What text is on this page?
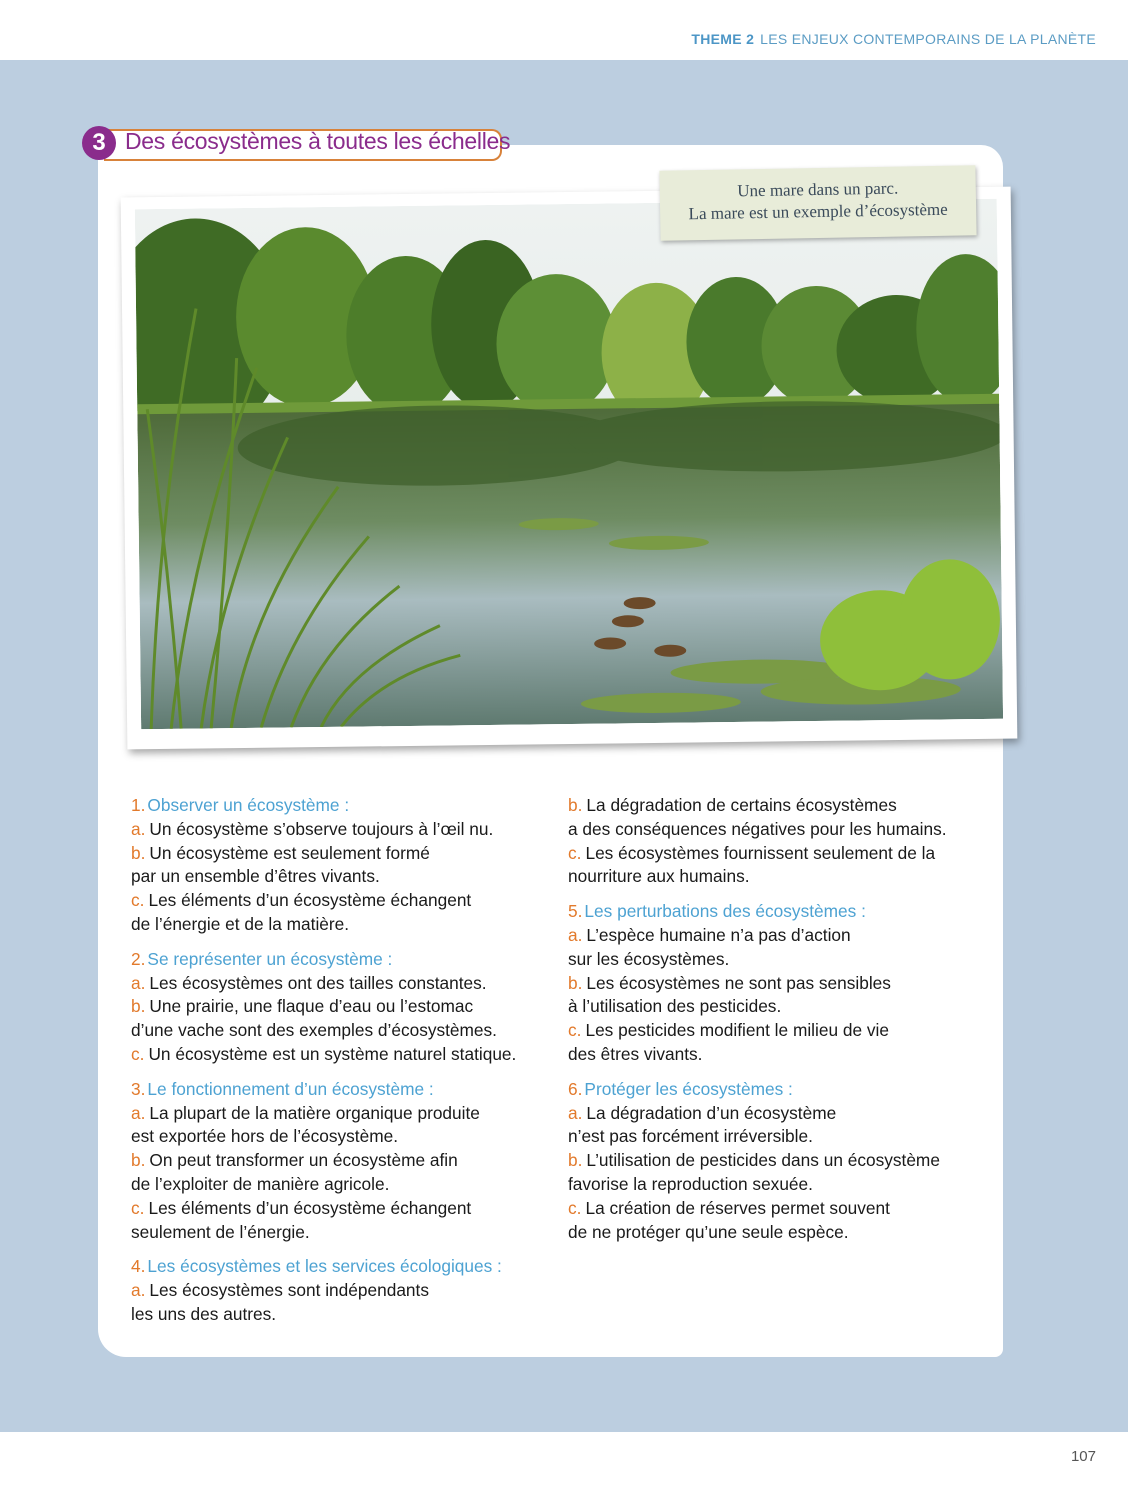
THEME 2 LES ENJEUX CONTEMPORAINS DE LA PLANÈTE
3 Des écosystèmes à toutes les échelles
Une mare dans un parc.
La mare est un exemple d’écosystème
1. Observer un écosystème :
a. Un écosystème s’observe toujours à l’œil nu.
b. Un écosystème est seulement formé
par un ensemble d’êtres vivants.
c. Les éléments d’un écosystème échangent
de l’énergie et de la matière.
2. Se représenter un écosystème :
a. Les écosystèmes ont des tailles constantes.
b. Une prairie, une flaque d’eau ou l’estomac
d’une vache sont des exemples d’écosystèmes.
c. Un écosystème est un système naturel statique.
3. Le fonctionnement d’un écosystème :
a. La plupart de la matière organique produite
est exportée hors de l’écosystème.
b. On peut transformer un écosystème afin
de l’exploiter de manière agricole.
c. Les éléments d’un écosystème échangent
seulement de l’énergie.
4. Les écosystèmes et les services écologiques :
a. Les écosystèmes sont indépendants
les uns des autres.
b. La dégradation de certains écosystèmes
a des conséquences négatives pour les humains.
c. Les écosystèmes fournissent seulement de la
nourriture aux humains.
5. Les perturbations des écosystèmes :
a. L’espèce humaine n’a pas d’action
sur les écosystèmes.
b. Les écosystèmes ne sont pas sensibles
à l’utilisation des pesticides.
c. Les pesticides modifient le milieu de vie
des êtres vivants.
6. Protéger les écosystèmes :
a. La dégradation d’un écosystème
n’est pas forcément irréversible.
b. L’utilisation de pesticides dans un écosystème
favorise la reproduction sexuée.
c. La création de réserves permet souvent
de ne protéger qu’une seule espèce.
107
